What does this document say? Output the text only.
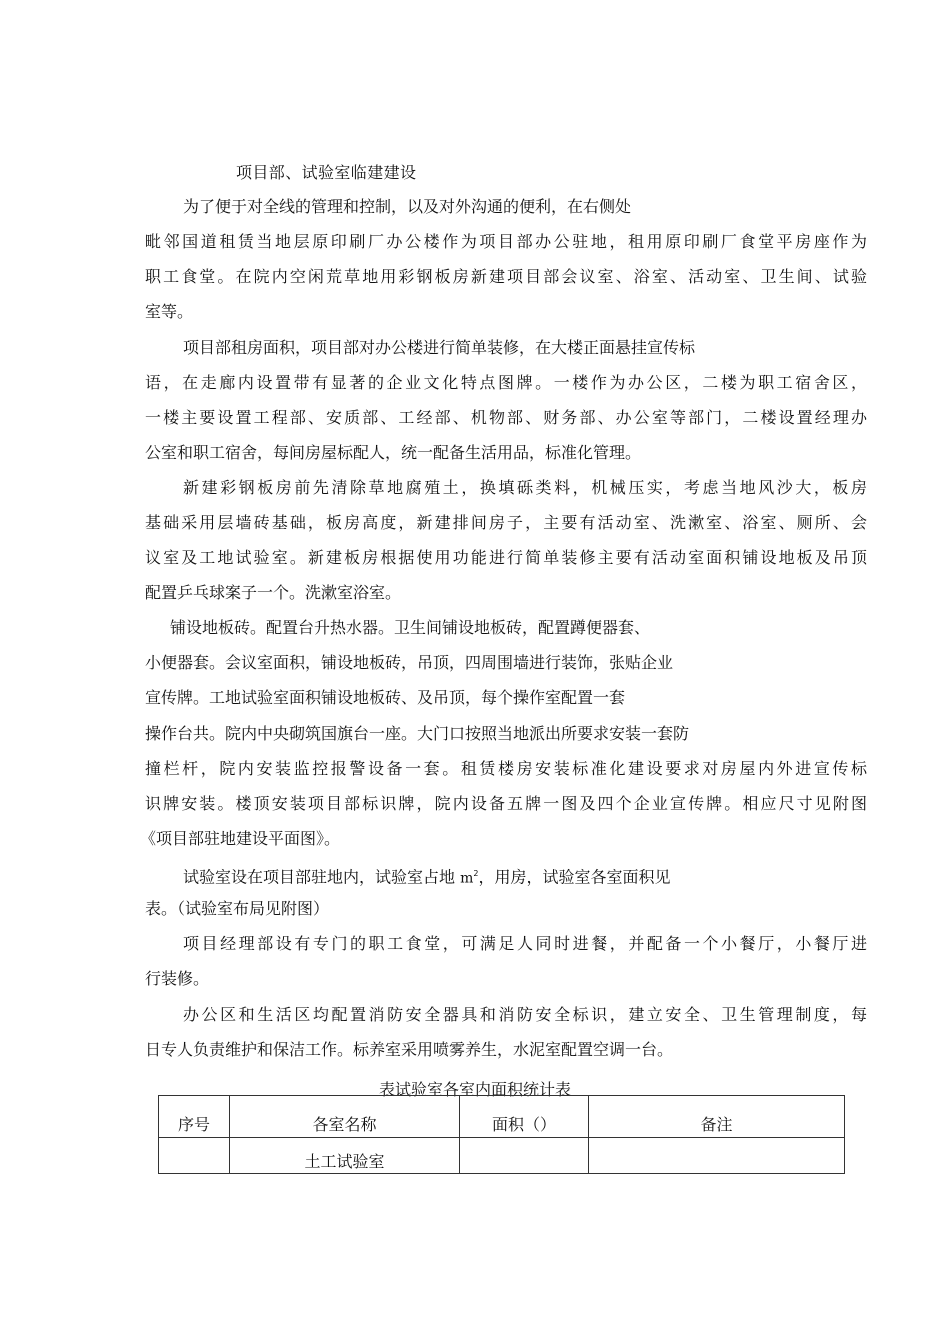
项目部、试验室临建建设
为了便于对全线的管理和控制，以及对外沟通的便利，在右侧处
毗邻国道租赁当地层原印刷厂办公楼作为项目部办公驻地，租用原印刷厂食堂平房座作为
职工食堂。在院内空闲荒草地用彩钢板房新建项目部会议室、浴室、活动室、卫生间、试验
室等。
项目部租房面积，项目部对办公楼进行简单装修，在大楼正面悬挂宣传标
语，在走廊内设置带有显著的企业文化特点图牌。一楼作为办公区，二楼为职工宿舍区，
一楼主要设置工程部、安质部、工经部、机物部、财务部、办公室等部门，二楼设置经理办
公室和职工宿舍，每间房屋标配人，统一配备生活用品，标准化管理。
新建彩钢板房前先清除草地腐殖土，换填砾类料，机械压实，考虑当地风沙大，板房
基础采用层墙砖基础，板房高度，新建排间房子，主要有活动室、洗漱室、浴室、厕所、会
议室及工地试验室。新建板房根据使用功能进行简单装修主要有活动室面积铺设地板及吊顶
配置乒乓球案子一个。洗漱室浴室。
铺设地板砖。配置台升热水器。卫生间铺设地板砖，配置蹲便器套、
小便器套。会议室面积，铺设地板砖，吊顶，四周围墙进行装饰，张贴企业
宣传牌。工地试验室面积铺设地板砖、及吊顶，每个操作室配置一套
操作台共。院内中央砌筑国旗台一座。大门口按照当地派出所要求安装一套防
撞栏杆，院内安装监控报警设备一套。租赁楼房安装标准化建设要求对房屋内外进宣传标
识牌安装。楼顶安装项目部标识牌，院内设备五牌一图及四个企业宣传牌。相应尺寸见附图
《项目部驻地建设平面图》。
试验室设在项目部驻地内，试验室占地 $m^2$，用房，试验室各室面积见
表。（试验室布局见附图）
项目经理部设有专门的职工食堂，可满足人同时进餐，并配备一个小餐厅，小餐厅进
行装修。
办公区和生活区均配置消防安全器具和消防安全标识，建立安全、卫生管理制度，每
日专人负责维护和保洁工作。标养室采用喷雾养生，水泥室配置空调一台。
表试验室各室内面积统计表
序号	各室名称	面积（）	备注
	土工试验室		
